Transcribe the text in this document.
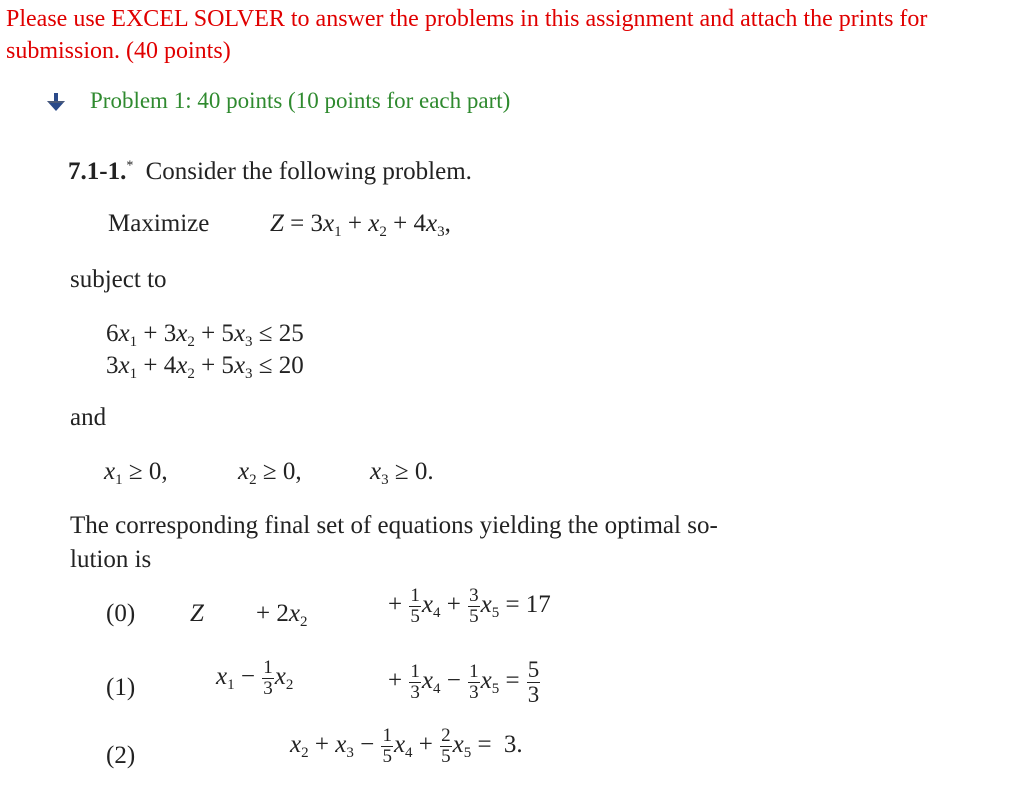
Please use EXCEL SOLVER to answer the problems in this assignment and attach the prints for
submission. (40 points)
Problem 1: 40 points (10 points for each part)
7.1-1.* Consider the following problem.
Maximize $Z = 3x_1 + x_2 + 4x_3$,
subject to
$6x_1 + 3x_2 + 5x_3 \le 25$
$3x_1 + 4x_2 + 5x_3 \le 20$
and
$x_1 \ge 0$,	$x_2 \ge 0$,	$x_3 \ge 0$.
The corresponding final set of equations yielding the optimal so-
lution is
(0) $Z + 2x_2$
+ $\frac{1}{5} x_4 + \frac{3}{5} x_5 = 17$
(1)	$x_1 - \frac{1}{3} x_2$	+ $\frac{1}{3} x_4 - \frac{1}{3} x_5 = \frac{5}{3}$
(2)	$x_2 + x_3 - \frac{1}{5} x_4 + \frac{2}{5} x_5 = 3$.
